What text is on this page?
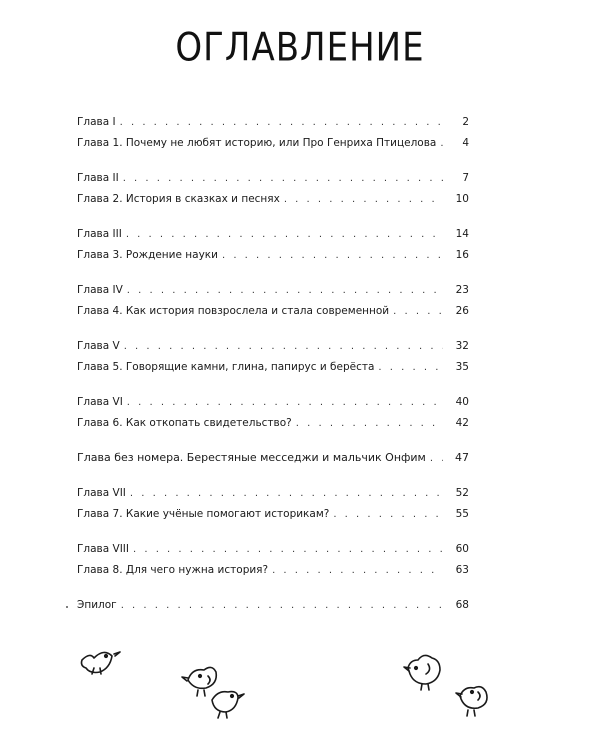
ОГЛАВЛЕНИЕ
Глава I . . .	2
Глава 1. Почему не любят историю, или Про Генриха Птицелова . . .	4
Глава II . . .	7
Глава 2. История в сказках и песнях . . .	10
Глава III . . .	14
Глава 3. Рождение науки . . .	16
Глава IV . . .	23
Глава 4. Как история повзрослела и стала современной . . .	26
Глава V . . .	32
Глава 5. Говорящие камни, глина, папирус и берёста . . .	35
Глава VI . . .	40
Глава 6. Как откопать свидетельство? . . .	42
Глава без номера. Берестяные месседжи и мальчик Онфим . . .	47
Глава VII . . .	52
Глава 7. Какие учёные помогают историкам? . . .	55
Глава VIII . . .	60
Глава 8. Для чего нужна история? . . .	63
Эпилог . . .	68
